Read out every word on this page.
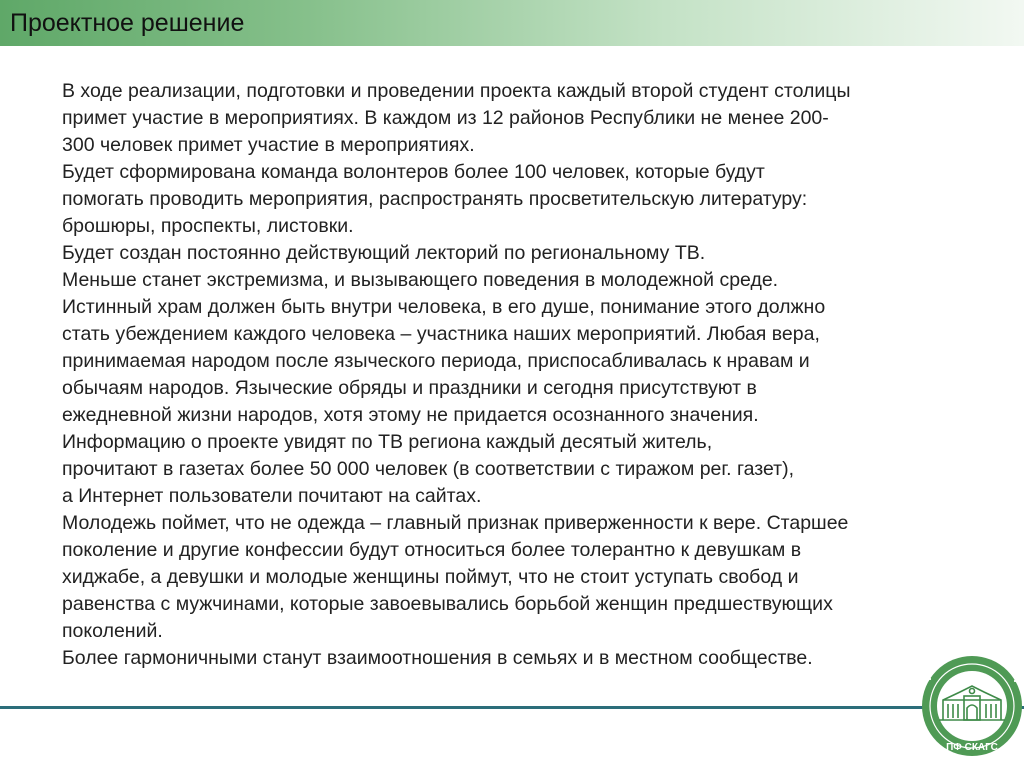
Проектное решение
В ходе реализации, подготовки и проведении проекта каждый второй студент столицы
примет участие в мероприятиях. В каждом из 12 районов Республики не менее 200-
300 человек примет участие в мероприятиях.
Будет сформирована команда волонтеров более 100 человек, которые будут
помогать проводить мероприятия, распространять просветительскую литературу:
брошюры, проспекты, листовки.
Будет создан постоянно действующий лекторий по региональному ТВ.
Меньше станет экстремизма, и вызывающего поведения в молодежной среде.
Истинный храм должен быть внутри человека, в его душе, понимание этого должно
стать убеждением каждого человека – участника наших мероприятий. Любая вера,
принимаемая народом после языческого периода, приспосабливалась к нравам и
обычаям народов. Языческие обряды и праздники и сегодня присутствуют в
ежедневной жизни народов, хотя этому не придается осознанного значения.
Информацию о проекте увидят по ТВ региона каждый десятый житель,
прочитают в газетах более 50 000 человек (в соответствии с тиражом рег. газет),
а Интернет пользователи почитают на сайтах.
Молодежь поймет, что не одежда – главный признак приверженности к вере. Старшее
поколение и другие конфессии будут относиться более толерантно к девушкам в
хиджабе, а девушки и молодые женщины поймут, что не стоит уступать свобод и
равенства с мужчинами, которые завоевывались борьбой женщин предшествующих
поколений.
Более гармоничными станут взаимоотношения в семьях и в местном сообществе.
ПФ СКАГС
